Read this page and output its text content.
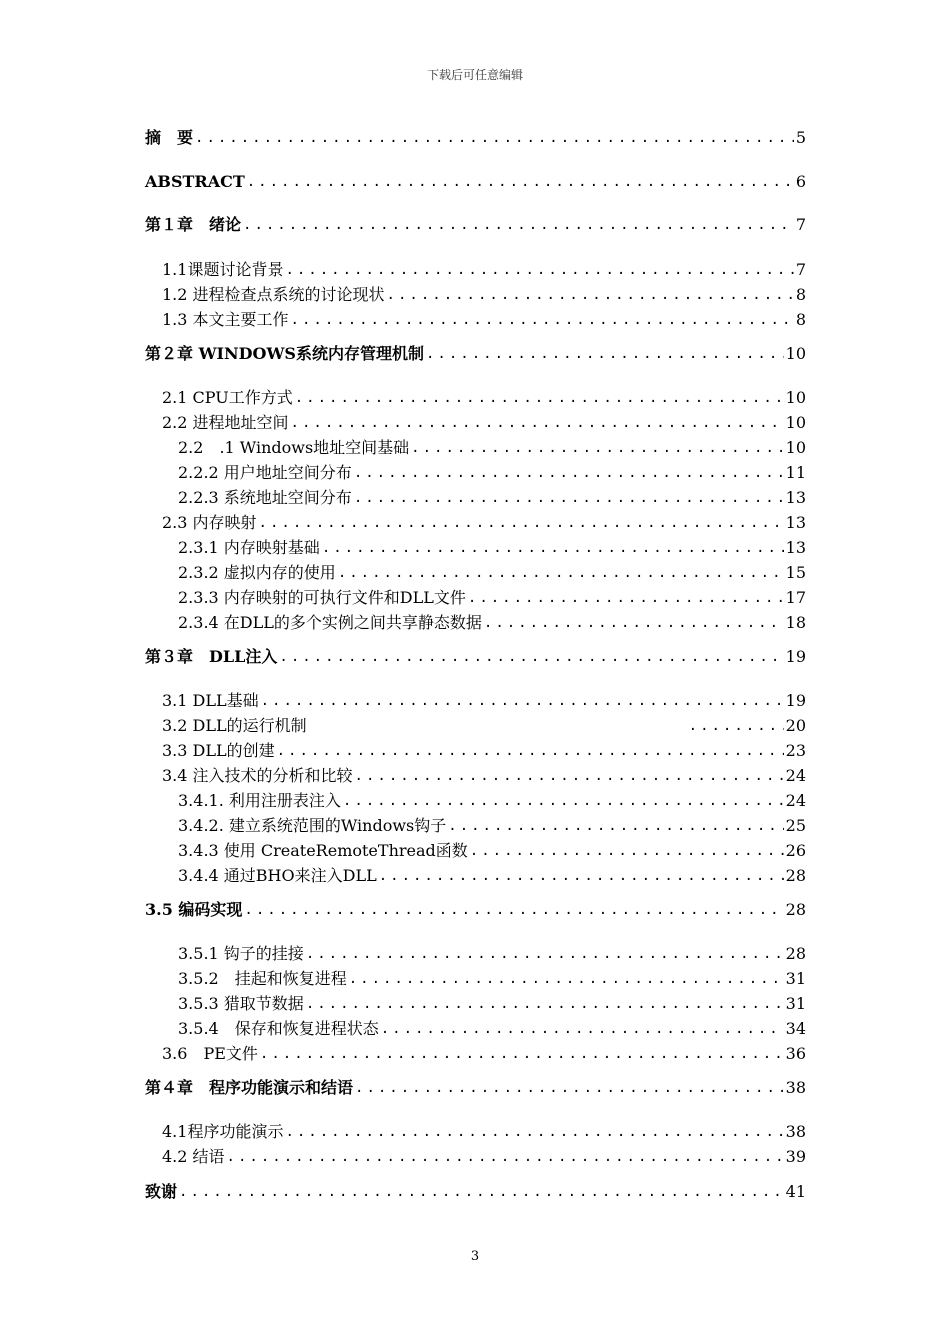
下载后可任意编辑
摘　要 .....	5
ABSTRACT .....	6
第１章　绪论 .....	7
1.1课题讨论背景 .....	7
1.2 进程检查点系统的讨论现状 .....	8
1.3 本文主要工作 .....	8
第２章 WINDOWS系统内存管理机制 .....	10
2.1 CPU工作方式 .....	10
2.2 进程地址空间 .....	10
2.2　.1 Windows地址空间基础 .....	10
2.2.2 用户地址空间分布 .....	11
2.2.3 系统地址空间分布 .....	13
2.3 内存映射 .....	13
2.3.1 内存映射基础 .....	13
2.3.2 虚拟内存的使用 .....	15
2.3.3 内存映射的可执行文件和DLL文件 .....	17
2.3.4 在DLL的多个实例之间共享静态数据 .....	18
第３章　DLL注入 .....	19
3.1 DLL基础 .....	19
3.2 DLL的运行机制 .....	20
3.3 DLL的创建 .....	23
3.4 注入技术的分析和比较 .....	24
3.4.1. 利用注册表注入 .....	24
3.4.2. 建立系统范围的Windows钩子 .....	25
3.4.3 使用 CreateRemoteThread函数 .....	26
3.4.4 通过BHO来注入DLL .....	28
3.5 编码实现 .....	28
3.5.1 钩子的挂接 .....	28
3.5.2　挂起和恢复进程 .....	31
3.5.3 猎取节数据 .....	31
3.5.4　保存和恢复进程状态 .....	34
3.6　PE文件 .....	36
第４章　程序功能演示和结语 .....	38
4.1程序功能演示 .....	38
4.2 结语 .....	39
致谢 .....	41
3
